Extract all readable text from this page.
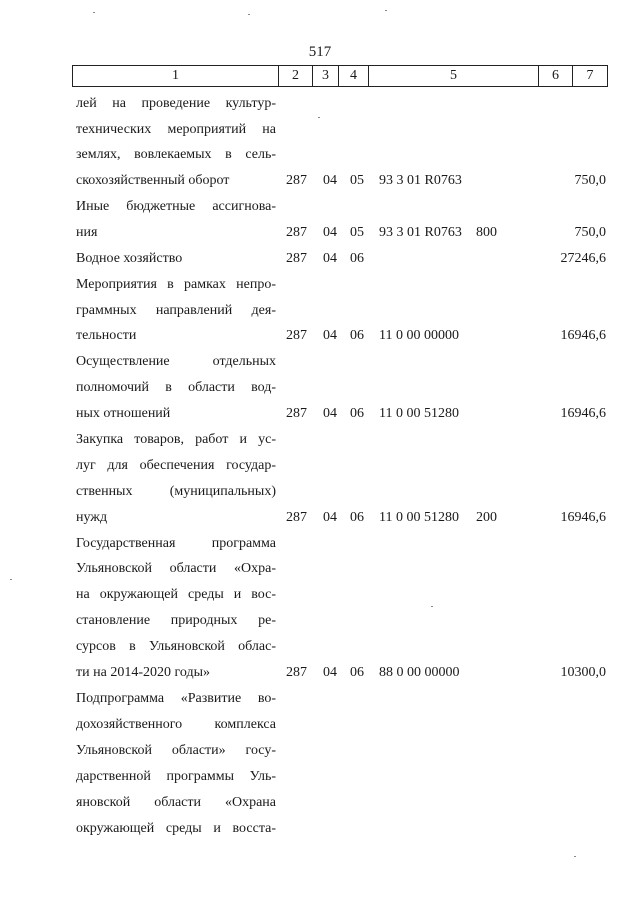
517
1	2	3	4	5	6	7
лей на проведение культур-
технических мероприятий на
землях, вовлекаемых в сель-
скохозяйственный оборот	287 04 05 93 3 01 R0763	750,0
Иные бюджетные ассигнова-
ния	287 04 05 93 3 01 R0763 800	750,0
Водное хозяйство	287 04 06	27246,6
Мероприятия в рамках непро-
граммных направлений дея-
тельности	287 04 06 11 0 00 00000	16946,6
Осуществление отдельных
полномочий в области вод-
ных отношений	287 04 06 11 0 00 51280	16946,6
Закупка товаров, работ и ус-
луг для обеспечения государ-
ственных (муниципальных)
нужд	287 04 06 11 0 00 51280 200	16946,6
Государственная программа
Ульяновской области «Охра-
на окружающей среды и вос-
становление природных ре-
сурсов в Ульяновской облас-
ти на 2014-2020 годы»	287 04 06 88 0 00 00000	10300,0
Подпрограмма «Развитие во-
дохозяйственного комплекса
Ульяновской области» госу-
дарственной программы Уль-
яновской области «Охрана
окружающей среды и восста-
